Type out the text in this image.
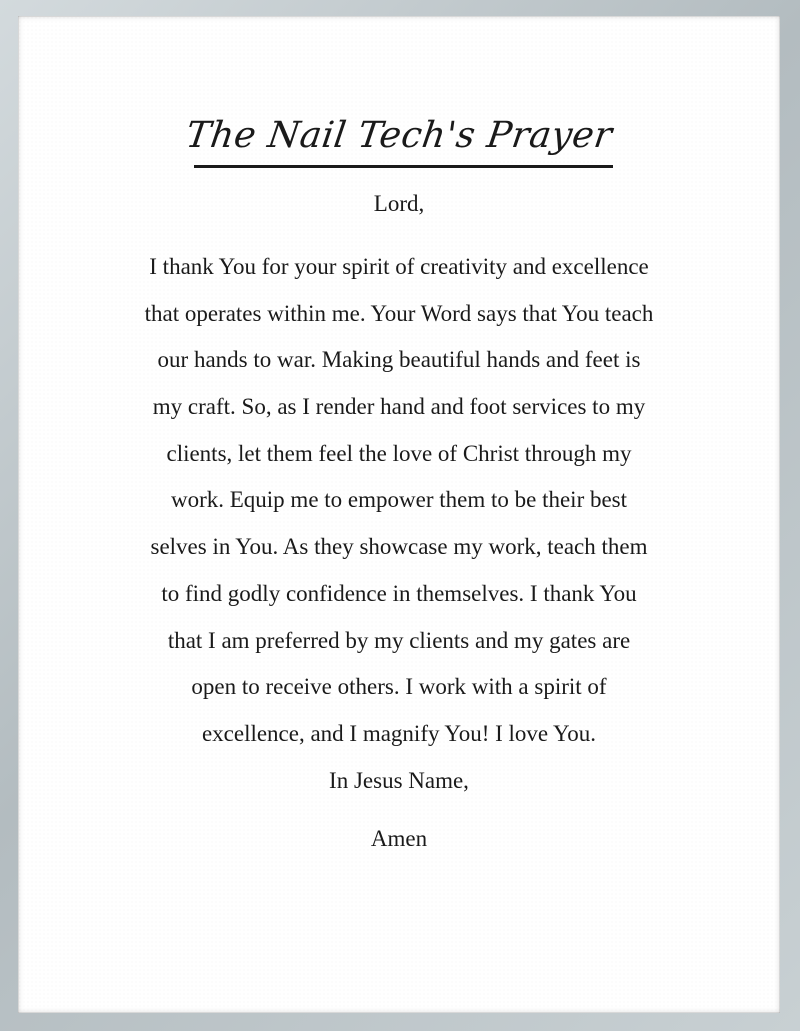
The Nail Tech's Prayer

Lord,

I thank You for your spirit of creativity and excellence

that operates within me. Your Word says that You teach

our hands to war. Making beautiful hands and feet is

my craft. So, as I render hand and foot services to my

clients, let them feel the love of Christ through my

work. Equip me to empower them to be their best

selves in You. As they showcase my work, teach them

to find godly confidence in themselves. I thank You

that I am preferred by my clients and my gates are

open to receive others. I work with a spirit of

excellence, and I magnify You! I love You.

In Jesus Name,

Amen
